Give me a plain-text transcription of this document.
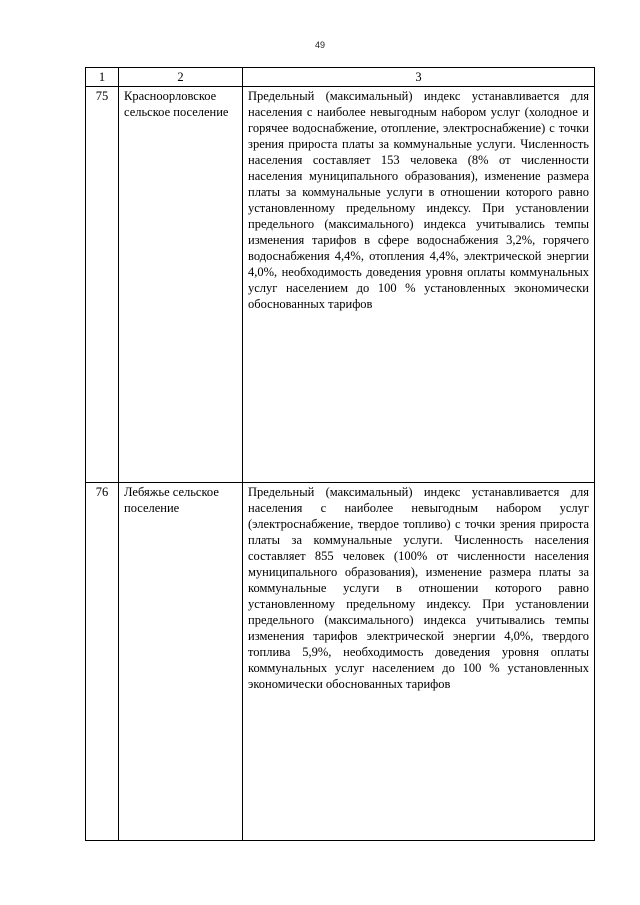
49
1	2	3
75	Красноорловское сельское поселение	Предельный (максимальный) индекс устанавливается для населения с наиболее невыгодным набором услуг (холодное и горячее водоснабжение, отопление, электроснабжение) с точки зрения прироста платы за коммунальные услуги. Численность населения составляет 153 человека (8% от численности населения муниципального образования), изменение размера платы за коммунальные услуги в отношении которого равно установленному предельному индексу. При установлении предельного (максимального) индекса учитывались темпы изменения тарифов в сфере водоснабжения 3,2%, горячего водоснабжения 4,4%, отопления 4,4%, электрической энергии 4,0%, необходимость доведения уровня оплаты коммунальных услуг населением до 100 % установленных экономически обоснованных тарифов
76	Лебяжье сельское поселение	Предельный (максимальный) индекс устанавливается для населения с наиболее невыгодным набором услуг (электроснабжение, твердое топливо) с точки зрения прироста платы за коммунальные услуги. Численность населения составляет 855 человек (100% от численности населения муниципального образования), изменение размера платы за коммунальные услуги в отношении которого равно установленному предельному индексу. При установлении предельного (максимального) индекса учитывались темпы изменения тарифов электрической энергии 4,0%, твердого топлива 5,9%, необходимость доведения уровня оплаты коммунальных услуг населением до 100 % установленных экономически обоснованных тарифов
